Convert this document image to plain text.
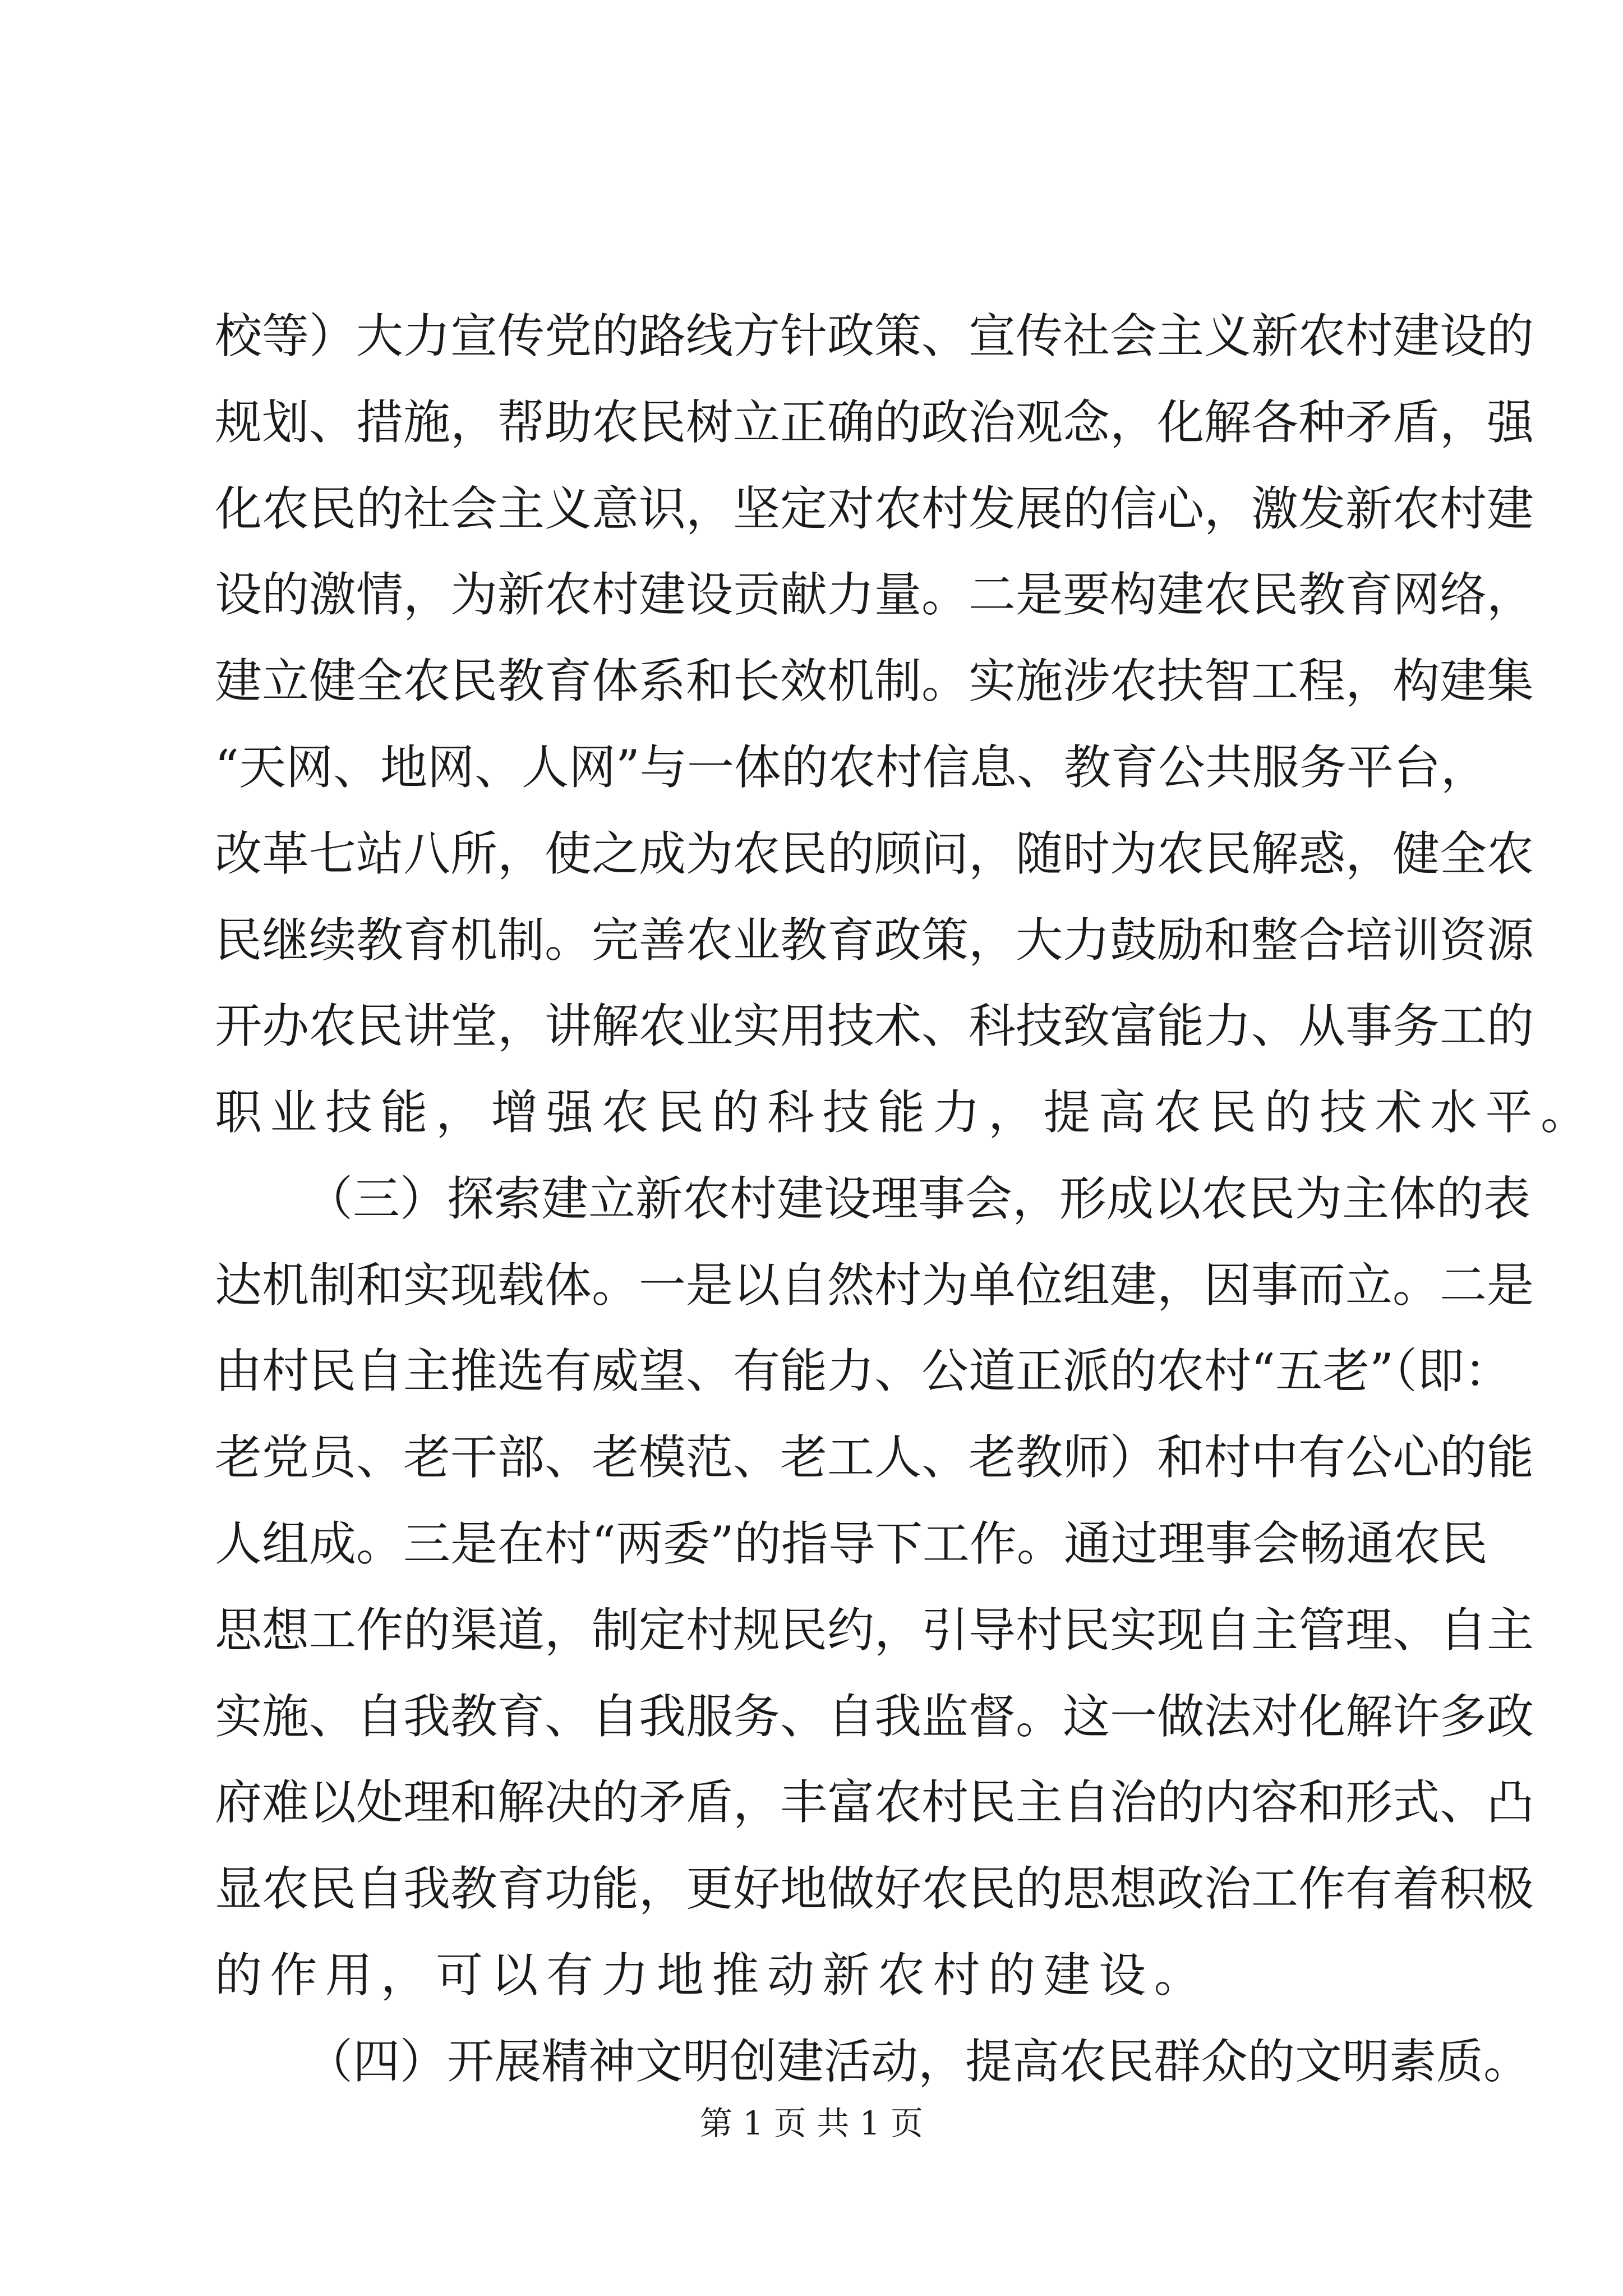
校等）大力宣传党的路线方针政策、宣传社会主义新农村建设的
规划、措施，帮助农民树立正确的政治观念，化解各种矛盾，强
化农民的社会主义意识，坚定对农村发展的信心，激发新农村建
设的激情，为新农村建设贡献力量。二是要构建农民教育网络，
建立健全农民教育体系和长效机制。实施涉农扶智工程，构建集
“天网、地网、人网”与一体的农村信息、教育公共服务平台，
改革七站八所，使之成为农民的顾问，随时为农民解惑，健全农
民继续教育机制。完善农业教育政策，大力鼓励和整合培训资源
开办农民讲堂，讲解农业实用技术、科技致富能力、从事务工的
职业技能，增强农民的科技能力，提高农民的技术水平。
（三）探索建立新农村建设理事会，形成以农民为主体的表
达机制和实现载体。一是以自然村为单位组建，因事而立。二是
由村民自主推选有威望、有能力、公道正派的农村“五老”（即：
老党员、老干部、老模范、老工人、老教师）和村中有公心的能
人组成。三是在村“两委”的指导下工作。通过理事会畅通农民
思想工作的渠道，制定村规民约，引导村民实现自主管理、自主
实施、自我教育、自我服务、自我监督。这一做法对化解许多政
府难以处理和解决的矛盾，丰富农村民主自治的内容和形式、凸
显农民自我教育功能，更好地做好农民的思想政治工作有着积极
的作用，可以有力地推动新农村的建设。
（四）开展精神文明创建活动，提高农民群众的文明素质。
第 1 页 共 1 页
